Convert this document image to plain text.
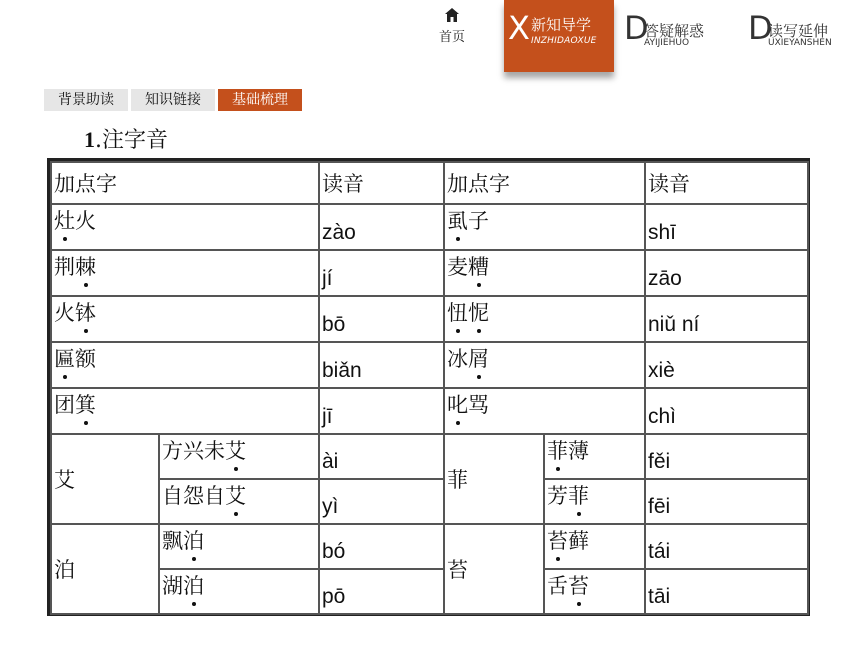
首页 X 新知导学
INZHIDAOXUE D
答疑解惑
AYIJIEHUO D
读写延伸
UXIEYANSHEN
背景助读	知识链接	基础梳理
1.注字音
加点字		读音	加点字		读音
灶火		zào	虱子		shī
荆棘		jí	麦糟		zāo
火钵		bō	忸怩		niǔ ní
匾额		biǎn	冰屑		xiè
团箕		jī	叱骂		chì
艾	方兴未艾	ài	菲	菲薄	fěi
	自怨自艾	yì		芳菲	fēi
泊	飘泊	bó	苔	苔藓	tái
	湖泊	pō		舌苔	tāi
